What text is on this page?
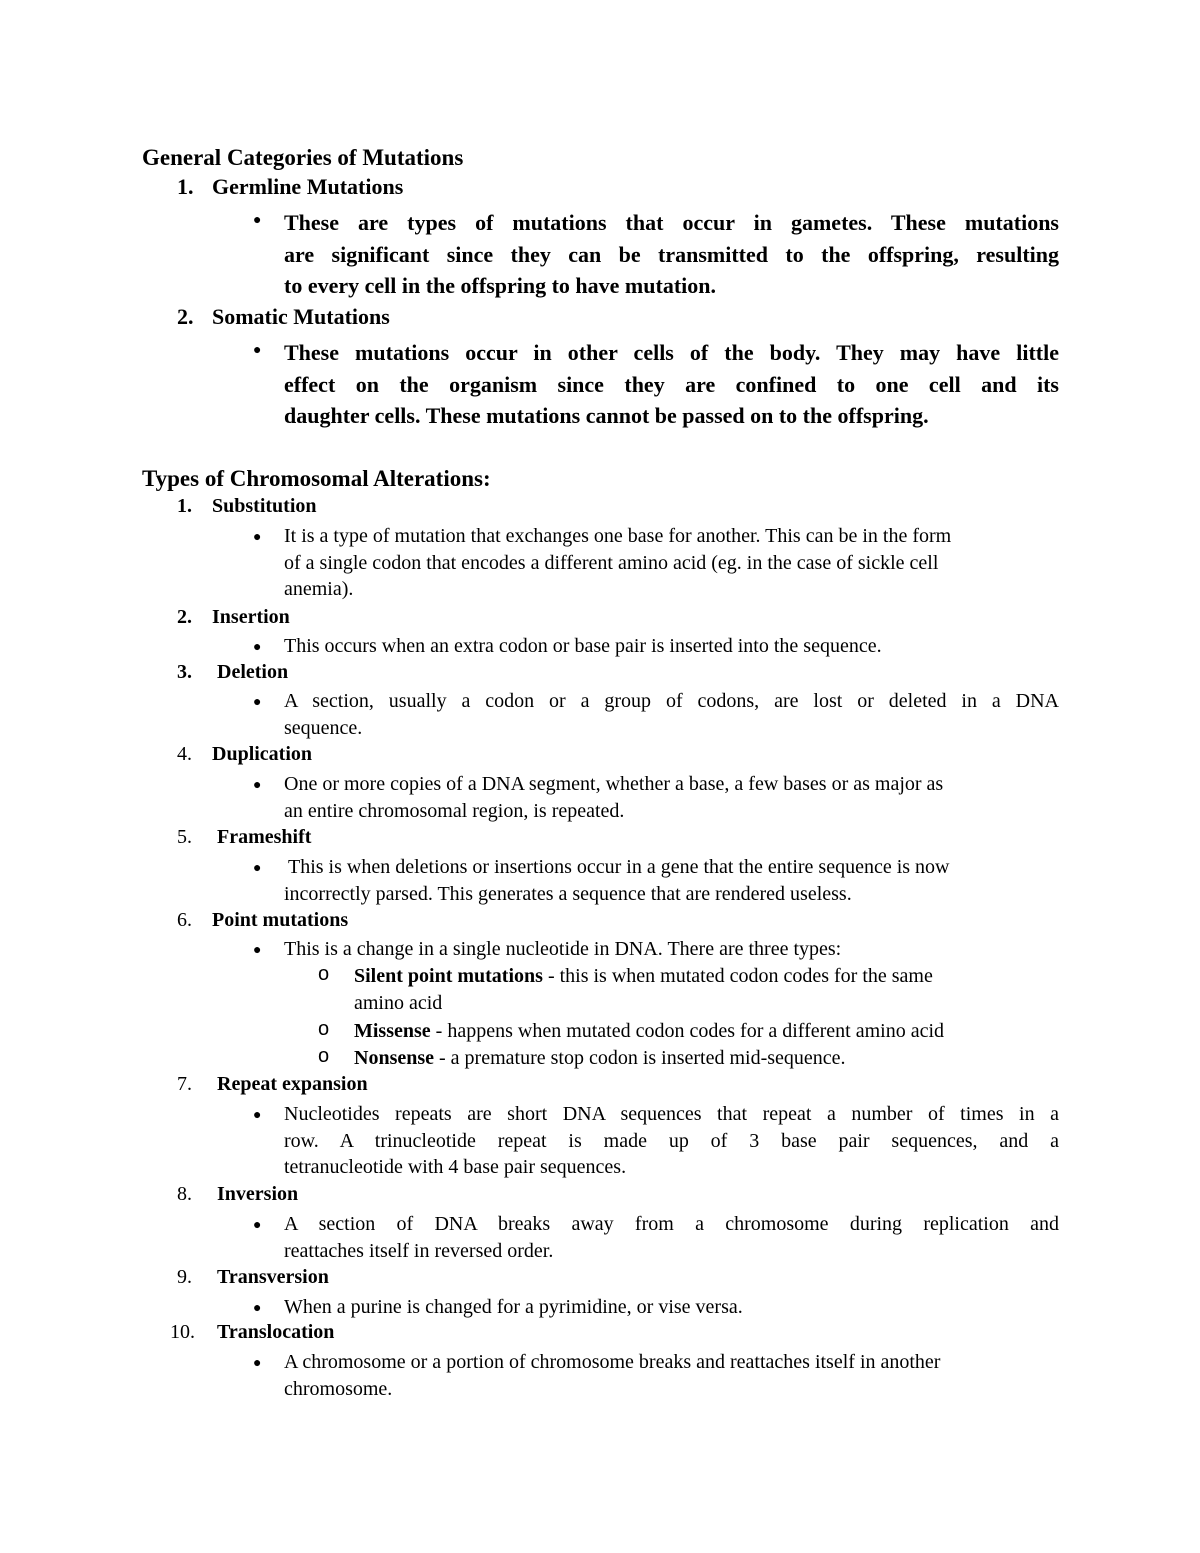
General Categories of Mutations
1. Germline Mutations
● These are types of mutations that occur in gametes. These mutations
are significant since they can be transmitted to the offspring, resulting
to every cell in the offspring to have mutation.
2. Somatic Mutations
● These mutations occur in other cells of the body. They may have little
effect on the organism since they are confined to one cell and its
daughter cells. These mutations cannot be passed on to the offspring.
Types of Chromosomal Alterations:
1. Substitution
● It is a type of mutation that exchanges one base for another. This can be in the form
of a single codon that encodes a different amino acid (eg. in the case of sickle cell
anemia).
2. Insertion
● This occurs when an extra codon or base pair is inserted into the sequence.
3. Deletion
● A section, usually a codon or a group of codons, are lost or deleted in a DNA
sequence.
4. Duplication
● One or more copies of a DNA segment, whether a base, a few bases or as major as
an entire chromosomal region, is repeated.
5. Frameshift
● This is when deletions or insertions occur in a gene that the entire sequence is now
incorrectly parsed. This generates a sequence that are rendered useless.
6. Point mutations
● This is a change in a single nucleotide in DNA. There are three types:
o Silent point mutations - this is when mutated codon codes for the same
amino acid
o Missense - happens when mutated codon codes for a different amino acid
o Nonsense - a premature stop codon is inserted mid-sequence.
7. Repeat expansion
● Nucleotides repeats are short DNA sequences that repeat a number of times in a
row. A trinucleotide repeat is made up of 3 base pair sequences, and a
tetranucleotide with 4 base pair sequences.
8. Inversion
● A section of DNA breaks away from a chromosome during replication and
reattaches itself in reversed order.
9. Transversion
● When a purine is changed for a pyrimidine, or vise versa.
10. Translocation
● A chromosome or a portion of chromosome breaks and reattaches itself in another
chromosome.
